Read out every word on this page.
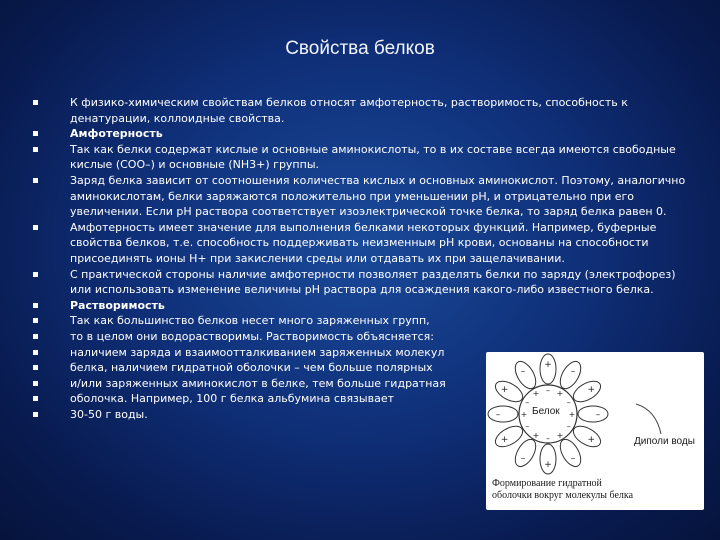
Свойства белков
К физико-химическим свойствам белков относят амфотерность, растворимость, способность к денатурации, коллоидные свойства.
Амфотерность
Так как белки содержат кислые и основные аминокислоты, то в их составе всегда имеются свободные кислые (СОО–) и основные (NH3+) группы.
Заряд белка зависит от соотношения количества кислых и основных аминокислот. Поэтому, аналогично аминокислотам, белки заряжаются положительно при уменьшении рН, и отрицательно при его увеличении. Если рН раствора соответствует изоэлектрической точке белка, то заряд белка равен 0.
Амфотерность имеет значение для выполнения белками некоторых функций. Например, буферные свойства белков, т.е. способность поддерживать неизменным рН крови, основаны на способности присоединять ионы Н+ при закислении среды или отдавать их при защелачивании.
С практической стороны наличие амфотерности позволяет разделять белки по заряду (электрофорез) или использовать изменение величины рН раствора для осаждения какого-либо известного белка.
Растворимость
Так как большинство белков несет много заряженных групп,
то в целом они водорастворимы. Растворимость объясняется:
наличием заряда и взаимоотталкиванием заряженных молекул
белка, наличием гидратной оболочки – чем больше полярных
и/или заряженных аминокислот в белке, тем больше гидратная
оболочка. Например, 100 г белка альбумина связывает
30-50 г воды.
+
–
+
–
+
–
+
–
+
–
+
–
– +
–
+
–
+
–
+
–
+
–
+
Белок
Диполи воды
Формирование гидратной
оболочки вокруг молекулы белка
